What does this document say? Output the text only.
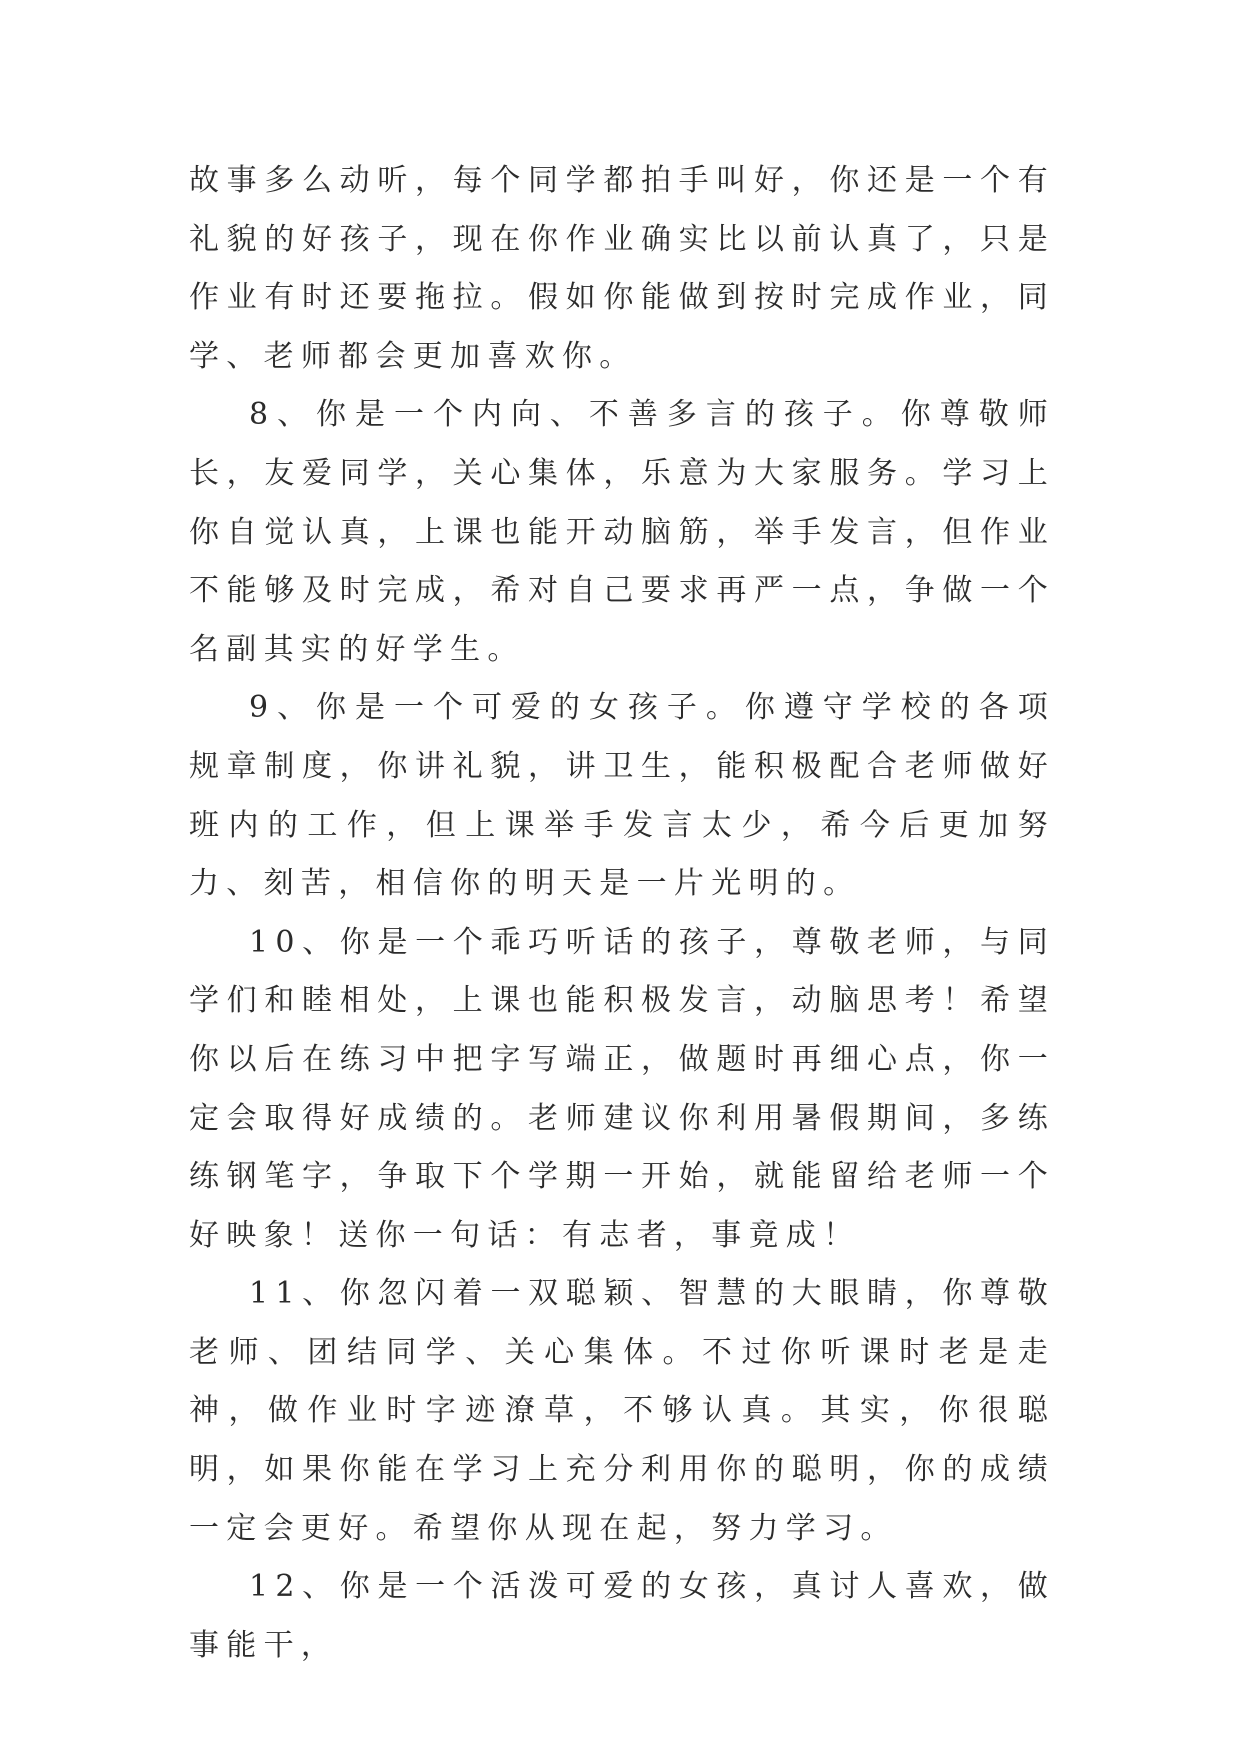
故事多么动听，每个同学都拍手叫好，你还是一个有礼貌的好孩子，现在你作业确实比以前认真了，只是作业有时还要拖拉。假如你能做到按时完成作业，同学、老师都会更加喜欢你。

8、你是一个内向、不善多言的孩子。你尊敬师长，友爱同学，关心集体，乐意为大家服务。学习上你自觉认真，上课也能开动脑筋，举手发言，但作业不能够及时完成，希对自己要求再严一点，争做一个名副其实的好学生。

9、你是一个可爱的女孩子。你遵守学校的各项规章制度，你讲礼貌，讲卫生，能积极配合老师做好班内的工作，但上课举手发言太少，希今后更加努力、刻苦，相信你的明天是一片光明的。

10、你是一个乖巧听话的孩子，尊敬老师，与同学们和睦相处，上课也能积极发言，动脑思考！希望你以后在练习中把字写端正，做题时再细心点，你一定会取得好成绩的。老师建议你利用暑假期间，多练练钢笔字，争取下个学期一开始，就能留给老师一个好映象！送你一句话：有志者，事竟成！

11、你忽闪着一双聪颖、智慧的大眼睛，你尊敬老师、团结同学、关心集体。不过你听课时老是走神，做作业时字迹潦草，不够认真。其实，你很聪明，如果你能在学习上充分利用你的聪明，你的成绩一定会更好。希望你从现在起，努力学习。

12、你是一个活泼可爱的女孩，真讨人喜欢，做事能干，
